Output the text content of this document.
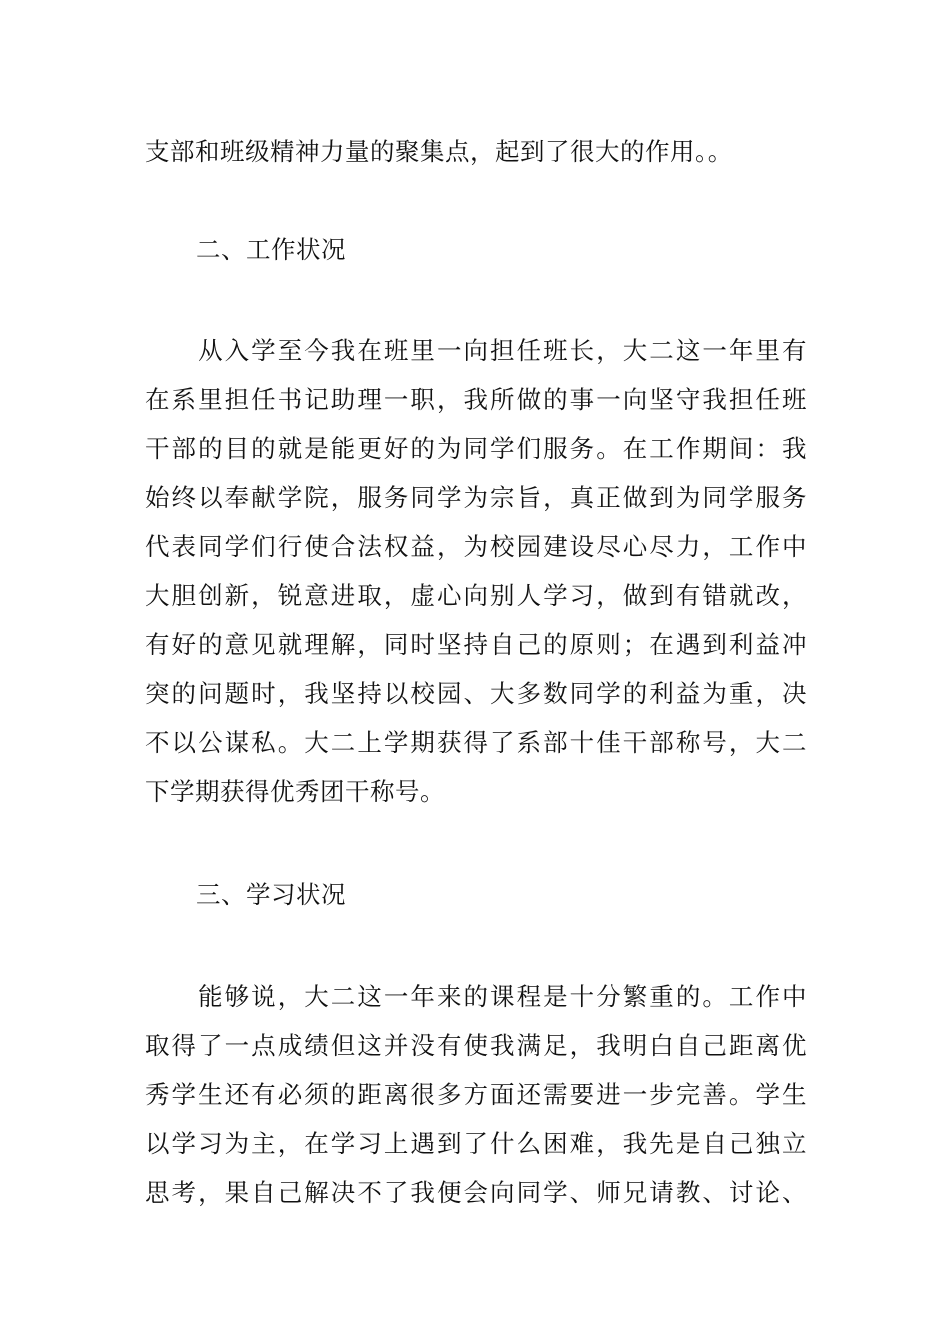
支部和班级精神力量的聚集点，起到了很大的作用。。
二、工作状况
　　从入学至今我在班里一向担任班长，大二这一年里有
在系里担任书记助理一职，我所做的事一向坚守我担任班
干部的目的就是能更好的为同学们服务。在工作期间：我
始终以奉献学院，服务同学为宗旨，真正做到为同学服务
代表同学们行使合法权益，为校园建设尽心尽力，工作中
大胆创新，锐意进取，虚心向别人学习，做到有错就改，
有好的意见就理解，同时坚持自己的原则；在遇到利益冲
突的问题时，我坚持以校园、大多数同学的利益为重，决
不以公谋私。大二上学期获得了系部十佳干部称号，大二
下学期获得优秀团干称号。
三、学习状况
　　能够说，大二这一年来的课程是十分繁重的。工作中
取得了一点成绩但这并没有使我满足，我明白自己距离优
秀学生还有必须的距离很多方面还需要进一步完善。学生
以学习为主，在学习上遇到了什么困难，我先是自己独立
思考，果自己解决不了我便会向同学、师兄请教、讨论、
